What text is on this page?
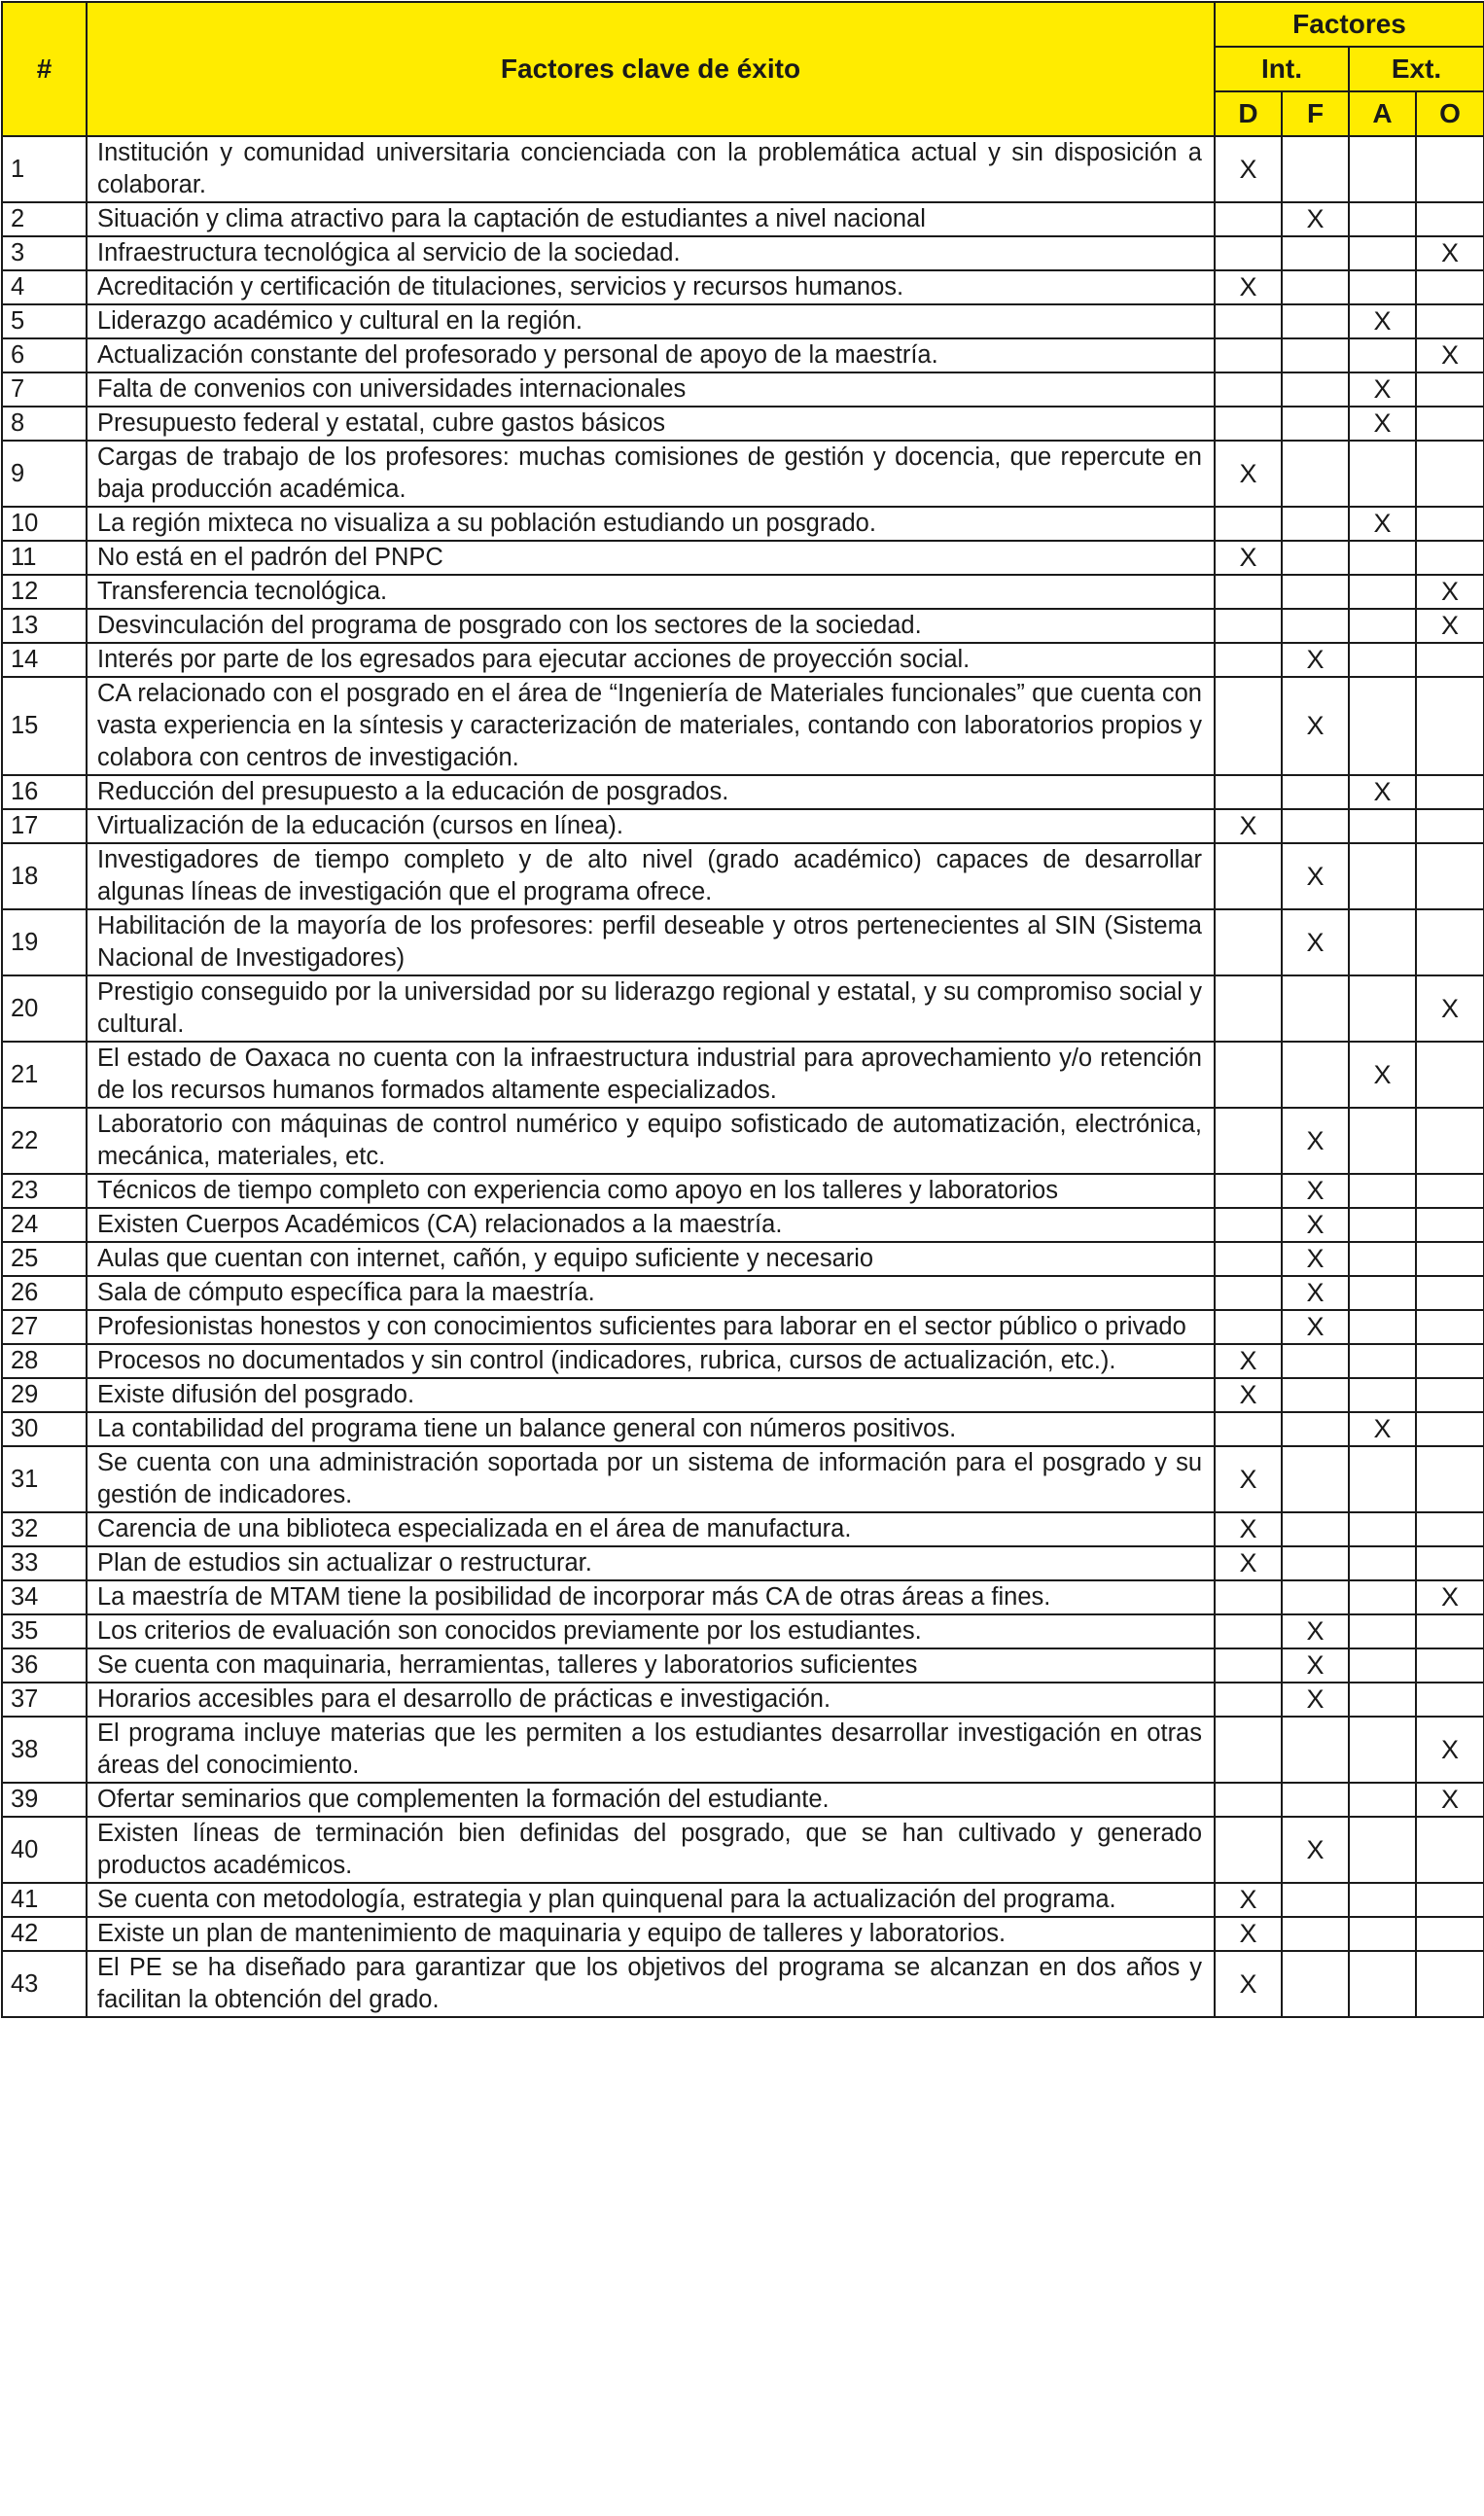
#	Factores clave de éxito	Factores			
		Int.		Ext.	
		D	F	A	O
1	Institución y comunidad universitaria concienciada con la problemática actual y sin disposición a colaborar.	X			
2	Situación y clima atractivo para la captación de estudiantes a nivel nacional		X		
3	Infraestructura tecnológica al servicio de la sociedad.				X
4	Acreditación y certificación de titulaciones, servicios y recursos humanos.	X			
5	Liderazgo académico y cultural en la región.			X	
6	Actualización constante del profesorado y personal de apoyo de la maestría.				X
7	Falta de convenios con universidades internacionales			X	
8	Presupuesto federal y estatal, cubre gastos básicos			X	
9	Cargas de trabajo de los profesores: muchas comisiones de gestión y docencia, que repercute en baja producción académica.	X			
10	La región mixteca no visualiza a su población estudiando un posgrado.			X	
11	No está en el padrón del PNPC	X			
12	Transferencia tecnológica.				X
13	Desvinculación del programa de posgrado con los sectores de la sociedad.				X
14	Interés por parte de los egresados para ejecutar acciones de proyección social.		X		
15	CA relacionado con el posgrado en el área de “Ingeniería de Materiales funcionales” que cuenta con vasta experiencia en la síntesis y caracterización de materiales, contando con laboratorios propios y colabora con centros de investigación.		X		
16	Reducción del presupuesto a la educación de posgrados.			X	
17	Virtualización de la educación (cursos en línea).	X			
18	Investigadores de tiempo completo y de alto nivel (grado académico) capaces de desarrollar algunas líneas de investigación que el programa ofrece.		X		
19	Habilitación de la mayoría de los profesores: perfil deseable y otros pertenecientes al SIN (Sistema Nacional de Investigadores)		X		
20	Prestigio conseguido por la universidad por su liderazgo regional y estatal, y su compromiso social y cultural.				X
21	El estado de Oaxaca no cuenta con la infraestructura industrial para aprovechamiento y/o retención de los recursos humanos formados altamente especializados.			X	
22	Laboratorio con máquinas de control numérico y equipo sofisticado de automatización, electrónica, mecánica, materiales, etc.		X		
23	Técnicos de tiempo completo con experiencia como apoyo en los talleres y laboratorios		X		
24	Existen Cuerpos Académicos (CA) relacionados a la maestría.		X		
25	Aulas que cuentan con internet, cañón, y equipo suficiente y necesario		X		
26	Sala de cómputo específica para la maestría.		X		
27	Profesionistas honestos y con conocimientos suficientes para laborar en el sector público o privado		X		
28	Procesos no documentados y sin control (indicadores, rubrica, cursos de actualización, etc.).	X			
29	Existe difusión del posgrado.	X			
30	La contabilidad del programa tiene un balance general con números positivos.			X	
31	Se cuenta con una administración soportada por un sistema de información para el posgrado y su gestión de indicadores.	X			
32	Carencia de una biblioteca especializada en el área de manufactura.	X			
33	Plan de estudios sin actualizar o restructurar.	X			
34	La maestría de MTAM tiene la posibilidad de incorporar más CA de otras áreas a fines.				X
35	Los criterios de evaluación son conocidos previamente por los estudiantes.		X		
36	Se cuenta con maquinaria, herramientas, talleres y laboratorios suficientes		X		
37	Horarios accesibles para el desarrollo de prácticas e investigación.		X		
38	El programa incluye materias que les permiten a los estudiantes desarrollar investigación en otras áreas del conocimiento.				X
39	Ofertar seminarios que complementen la formación del estudiante.				X
40	Existen líneas de terminación bien definidas del posgrado, que se han cultivado y generado productos académicos.		X		
41	Se cuenta con metodología, estrategia y plan quinquenal para la actualización del programa.	X			
42	Existe un plan de mantenimiento de maquinaria y equipo de talleres y laboratorios.	X			
43	El PE se ha diseñado para garantizar que los objetivos del programa se alcanzan en dos años y facilitan la obtención del grado.	X			
